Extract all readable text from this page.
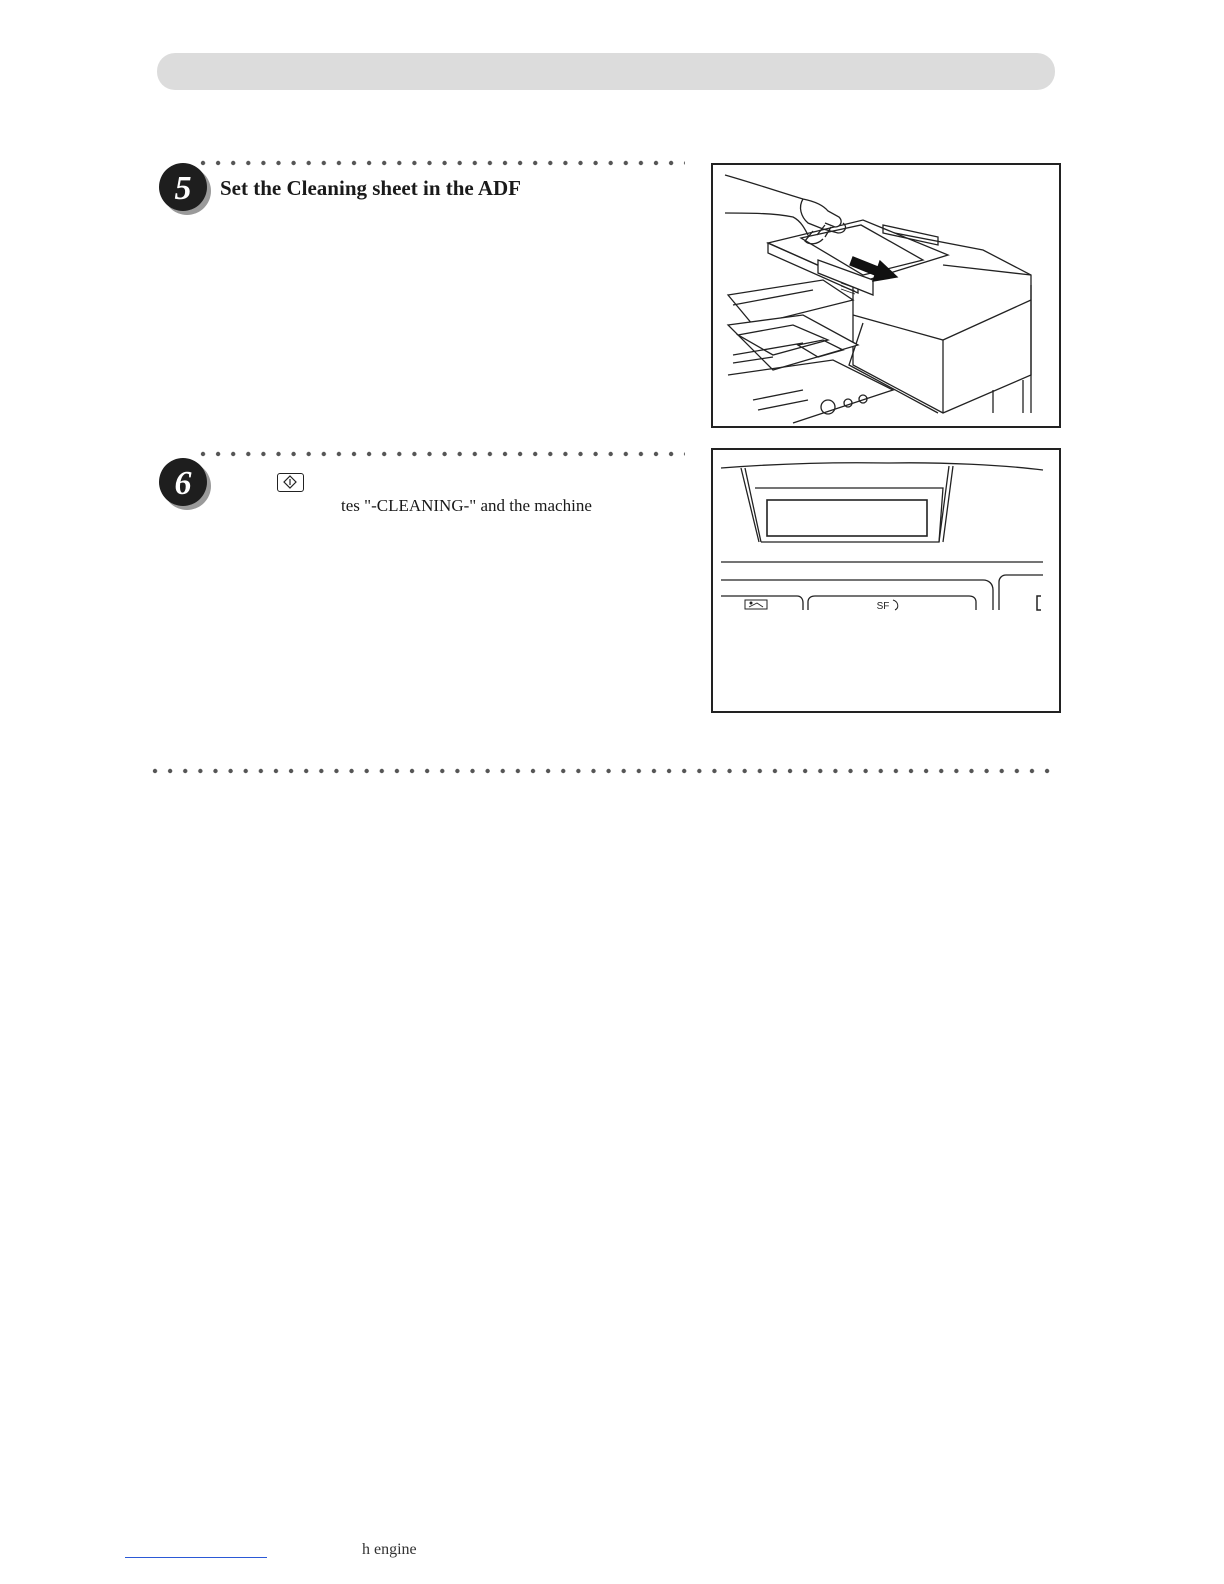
5 Set the Cleaning sheet in the ADF
6
tes "-CLEANING-" and the machine
SF
h engine
